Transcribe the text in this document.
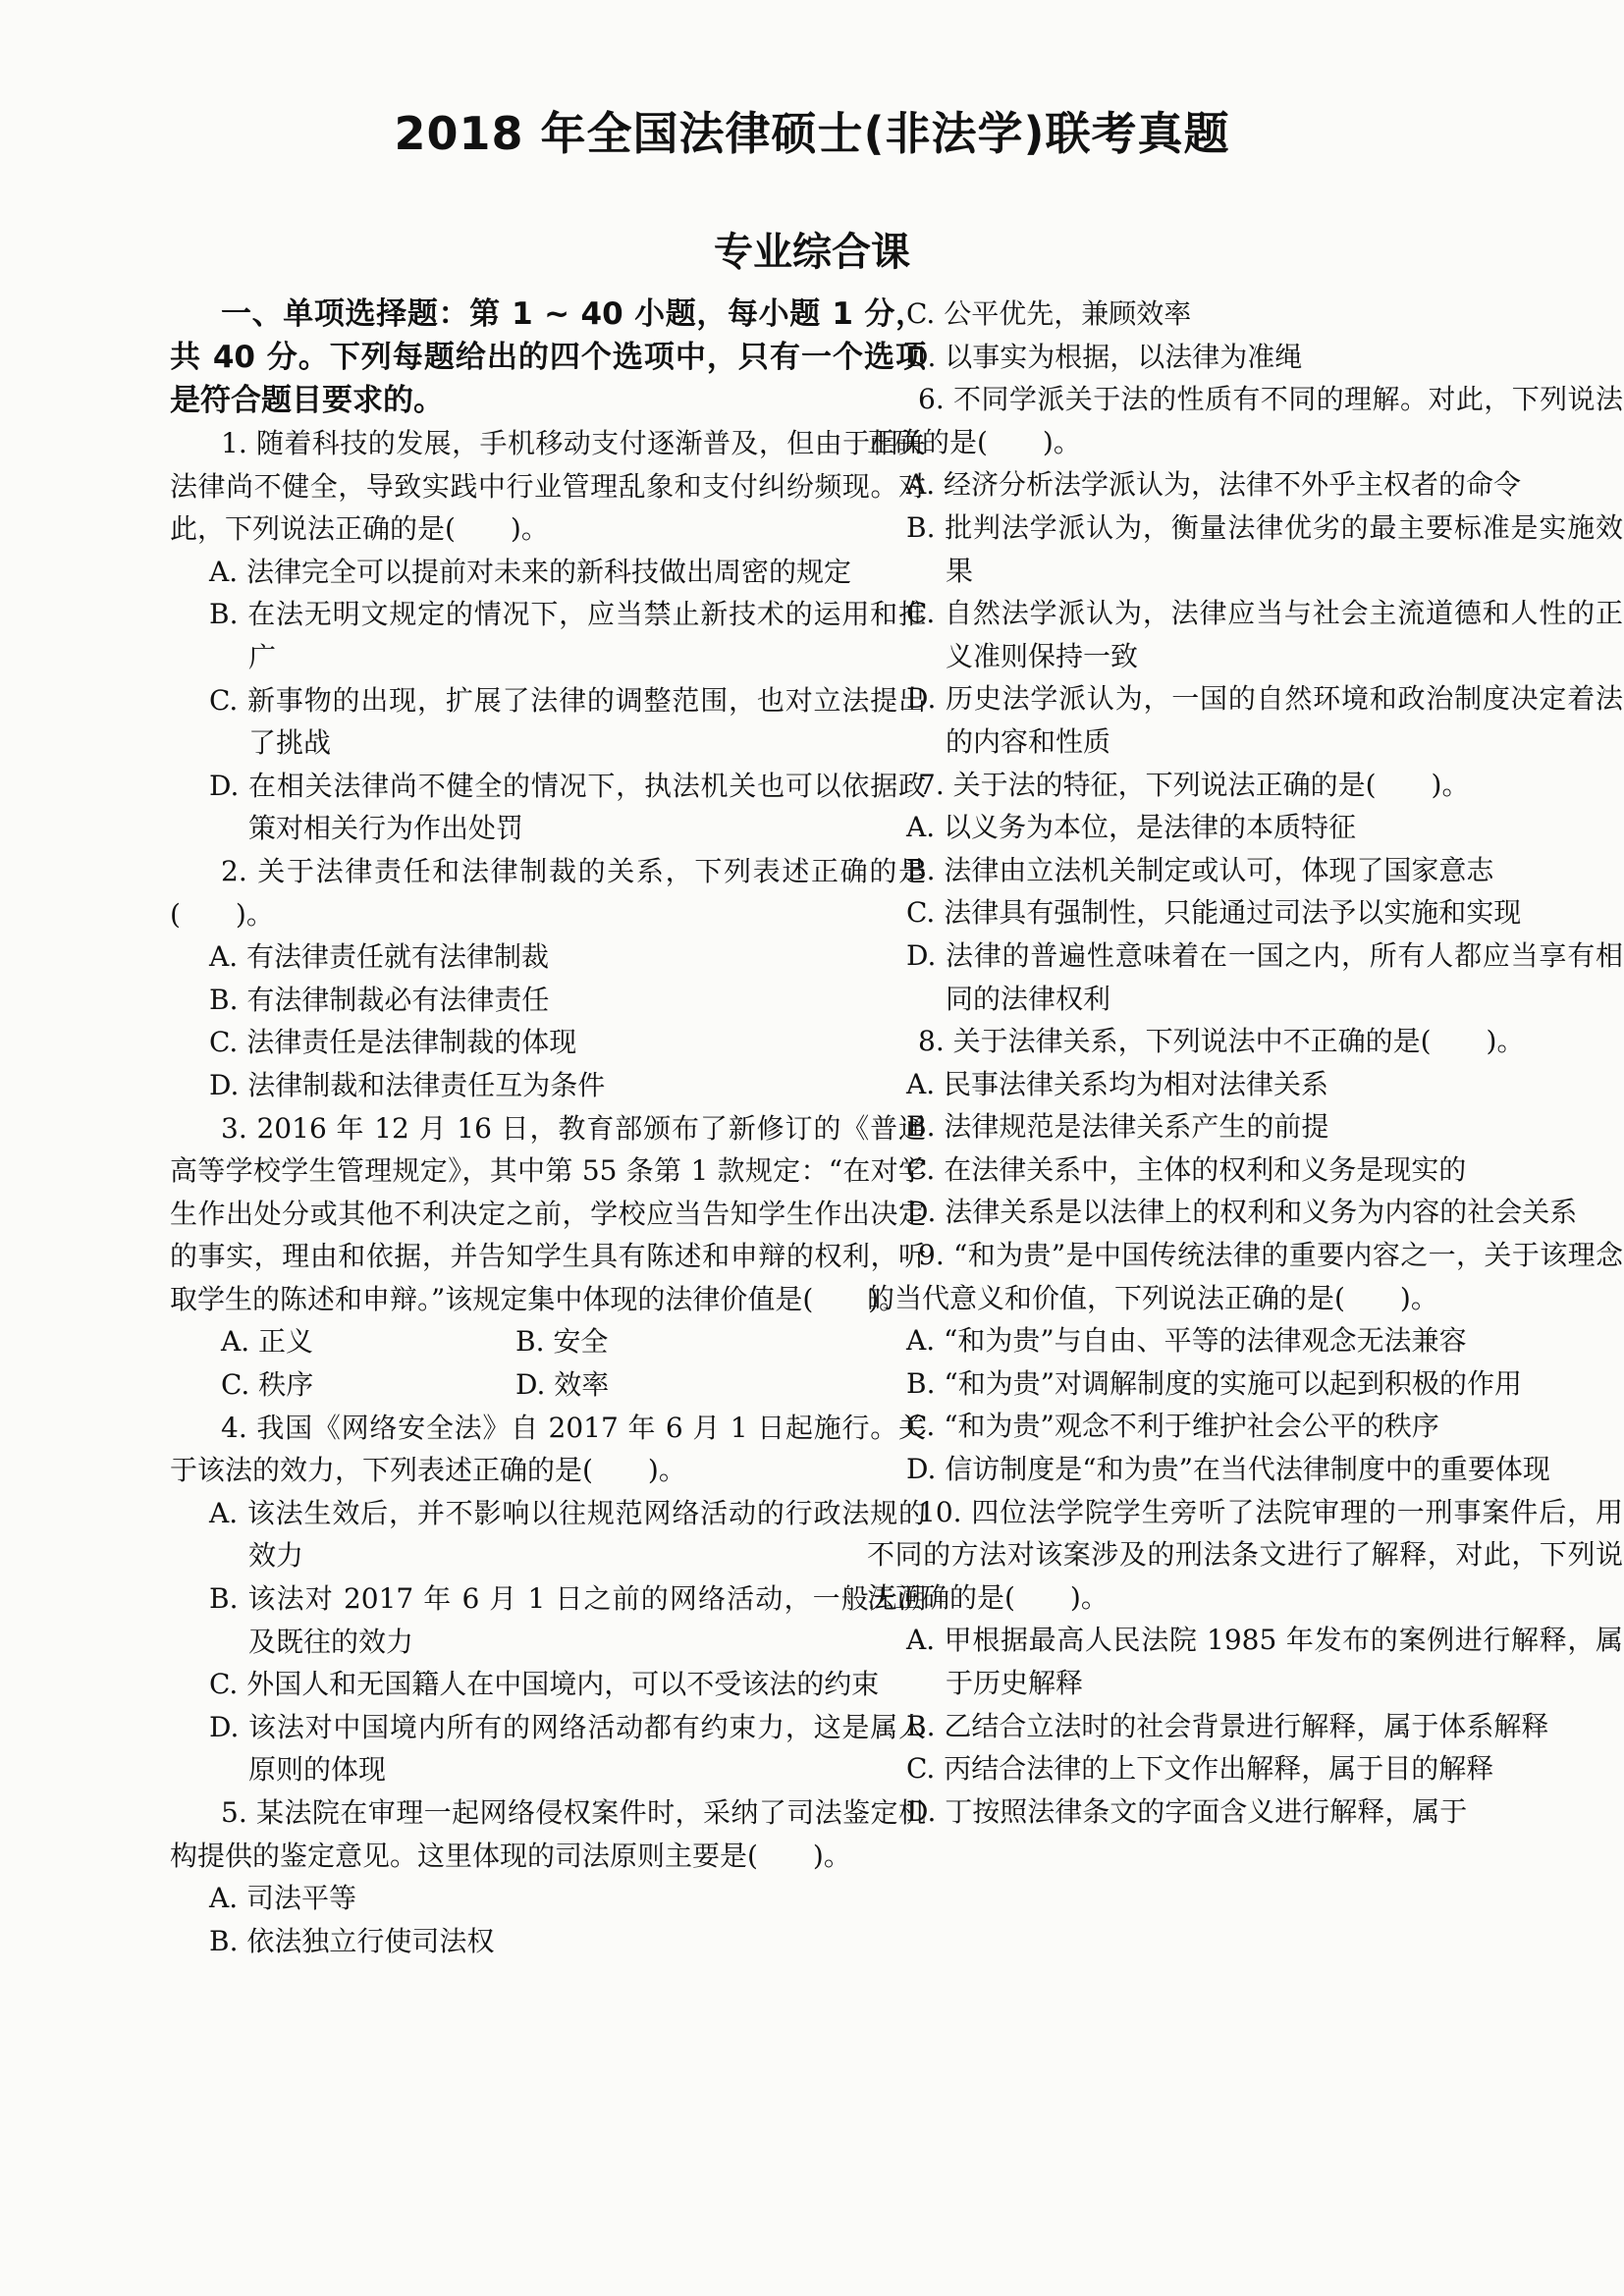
2018 年全国法律硕士(非法学)联考真题
专业综合课

一、单项选择题：第 1 ~ 40 小题，每小题 1 分，共 40 分。下列每题给出的四个选项中，只有一个选项是符合题目要求的。

1. 随着科技的发展，手机移动支付逐渐普及，但由于相关法律尚不健全，导致实践中行业管理乱象和支付纠纷频现。对此，下列说法正确的是(　　)。

A. 法律完全可以提前对未来的新科技做出周密的规定

B. 在法无明文规定的情况下，应当禁止新技术的运用和推广

C. 新事物的出现，扩展了法律的调整范围，也对立法提出了挑战

D. 在相关法律尚不健全的情况下，执法机关也可以依据政策对相关行为作出处罚

2. 关于法律责任和法律制裁的关系，下列表述正确的是(　　)。

A. 有法律责任就有法律制裁

B. 有法律制裁必有法律责任

C. 法律责任是法律制裁的体现

D. 法律制裁和法律责任互为条件

3. 2016 年 12 月 16 日，教育部颁布了新修订的《普通高等学校学生管理规定》，其中第 55 条第 1 款规定：“在对学生作出处分或其他不利决定之前，学校应当告知学生作出决定的事实，理由和依据，并告知学生具有陈述和申辩的权利，听取学生的陈述和申辩。”该规定集中体现的法律价值是(　　)。

A. 正义	B. 安全
C. 秩序	D. 效率

4. 我国《网络安全法》自 2017 年 6 月 1 日起施行。关于该法的效力，下列表述正确的是(　　)。

A. 该法生效后，并不影响以往规范网络活动的行政法规的效力

B. 该法对 2017 年 6 月 1 日之前的网络活动，一般无溯及既往的效力

C. 外国人和无国籍人在中国境内，可以不受该法的约束

D. 该法对中国境内所有的网络活动都有约束力，这是属人原则的体现

5. 某法院在审理一起网络侵权案件时，采纳了司法鉴定机构提供的鉴定意见。这里体现的司法原则主要是(　　)。

A. 司法平等

B. 依法独立行使司法权

C. 公平优先，兼顾效率

D. 以事实为根据，以法律为准绳

6. 不同学派关于法的性质有不同的理解。对此，下列说法正确的是(　　)。

A. 经济分析法学派认为，法律不外乎主权者的命令

B. 批判法学派认为，衡量法律优劣的最主要标准是实施效果

C. 自然法学派认为，法律应当与社会主流道德和人性的正义准则保持一致

D. 历史法学派认为，一国的自然环境和政治制度决定着法的内容和性质

7. 关于法的特征，下列说法正确的是(　　)。

A. 以义务为本位，是法律的本质特征

B. 法律由立法机关制定或认可，体现了国家意志

C. 法律具有强制性，只能通过司法予以实施和实现

D. 法律的普遍性意味着在一国之内，所有人都应当享有相同的法律权利

8. 关于法律关系，下列说法中不正确的是(　　)。

A. 民事法律关系均为相对法律关系

B. 法律规范是法律关系产生的前提

C. 在法律关系中，主体的权利和义务是现实的

D. 法律关系是以法律上的权利和义务为内容的社会关系

9. “和为贵”是中国传统法律的重要内容之一，关于该理念的当代意义和价值，下列说法正确的是(　　)。

A. “和为贵”与自由、平等的法律观念无法兼容

B. “和为贵”对调解制度的实施可以起到积极的作用

C. “和为贵”观念不利于维护社会公平的秩序

D. 信访制度是“和为贵”在当代法律制度中的重要体现

10. 四位法学院学生旁听了法院审理的一刑事案件后，用不同的方法对该案涉及的刑法条文进行了解释，对此，下列说法正确的是(　　)。

A. 甲根据最高人民法院 1985 年发布的案例进行解释，属于历史解释

B. 乙结合立法时的社会背景进行解释，属于体系解释

C. 丙结合法律的上下文作出解释，属于目的解释

D. 丁按照法律条文的字面含义进行解释，属于
